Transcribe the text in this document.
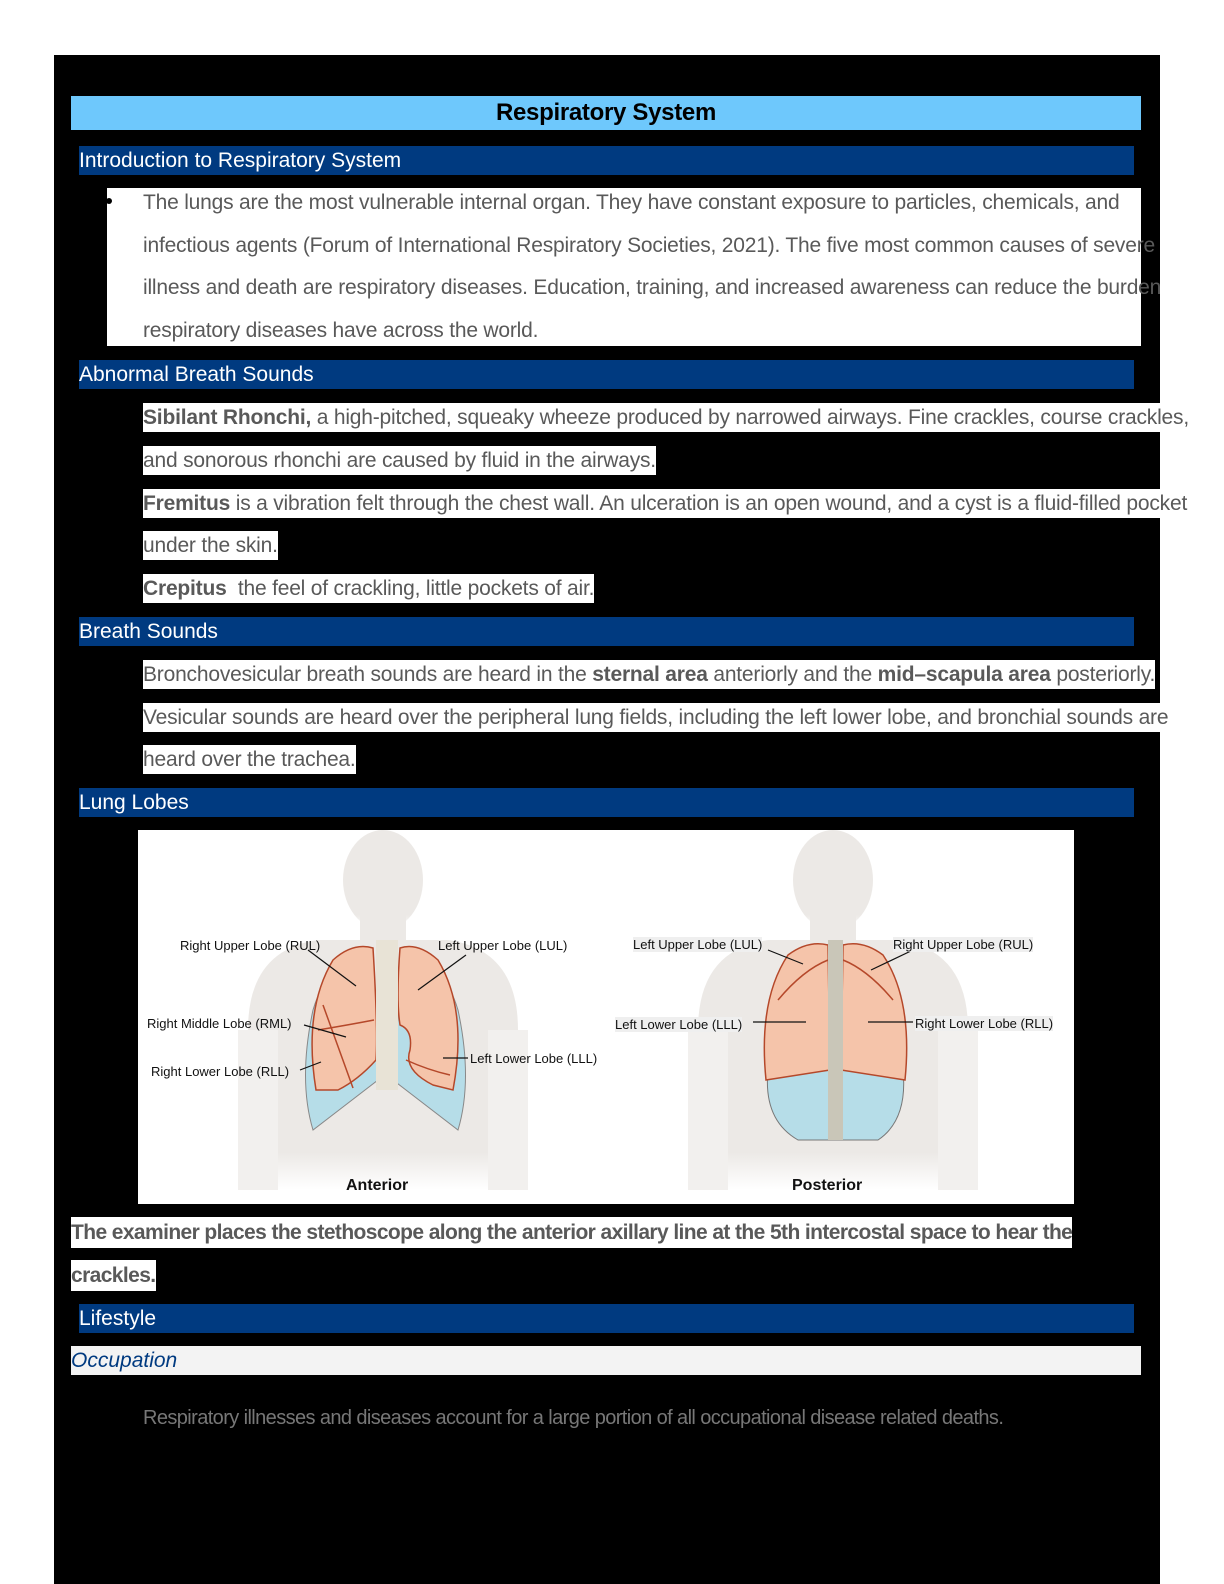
Respiratory System
Introduction to Respiratory System
The lungs are the most vulnerable internal organ. They have constant exposure to particles, chemicals, and
infectious agents (Forum of International Respiratory Societies, 2021). The five most common causes of severe
illness and death are respiratory diseases. Education, training, and increased awareness can reduce the burden
respiratory diseases have across the world.
Abnormal Breath Sounds
Sibilant Rhonchi, a high-pitched, squeaky wheeze produced by narrowed airways. Fine crackles, course crackles,
and sonorous rhonchi are caused by fluid in the airways.
Fremitus is a vibration felt through the chest wall. An ulceration is an open wound, and a cyst is a fluid-filled pocket
under the skin.
Crepitus  the feel of crackling, little pockets of air.
Breath Sounds
Bronchovesicular breath sounds are heard in the sternal area anteriorly and the mid–scapula area posteriorly.
Vesicular sounds are heard over the peripheral lung fields, including the left lower lobe, and bronchial sounds are
heard over the trachea.
Lung Lobes
Right Upper Lobe (RUL)	Left Upper Lobe (LUL)
Right Middle Lobe (RML)
Right Lower Lobe (RLL)
Left Lower Lobe (LLL)
Left Upper Lobe (LUL)	Right Upper Lobe (RUL)
Left Lower Lobe (LLL)	Right Lower Lobe (RLL)
Anterior	Posterior
The examiner places the stethoscope along the anterior axillary line at the 5th intercostal space to hear the
crackles.
Lifestyle
Occupation
Respiratory illnesses and diseases account for a large portion of all occupational disease related deaths.
